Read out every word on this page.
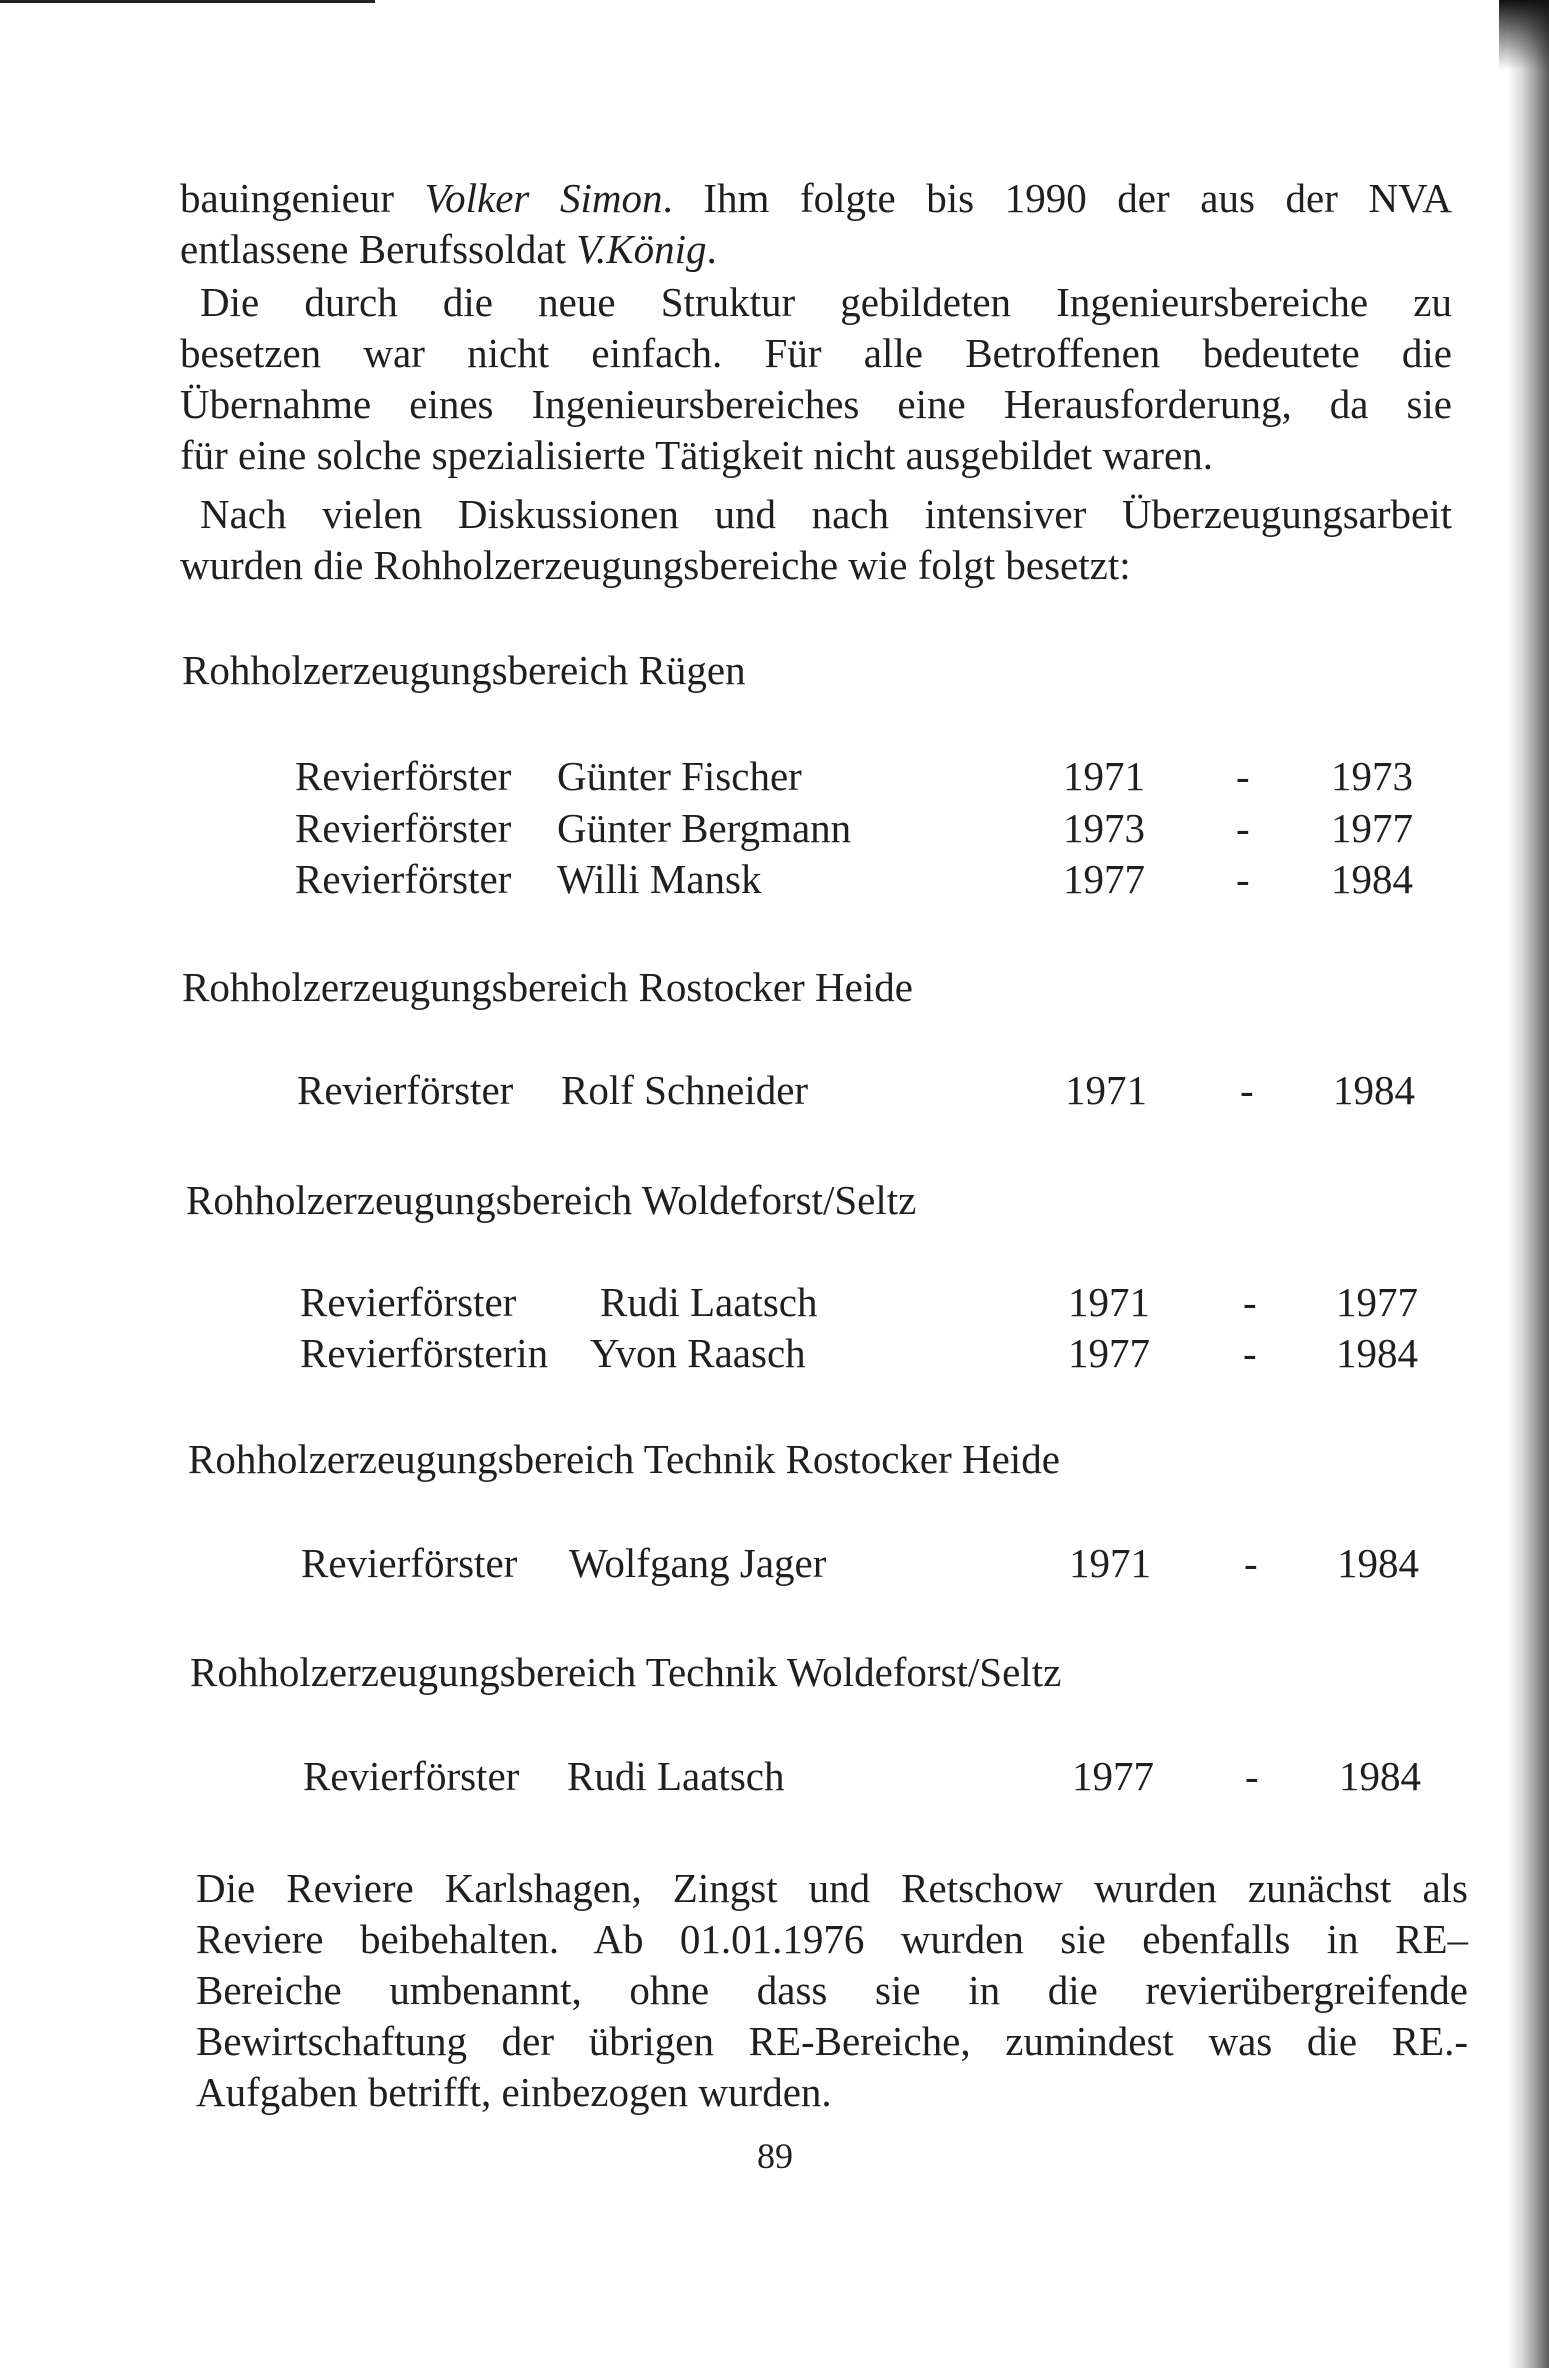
bauingenieur Volker Simon. Ihm folgte bis 1990 der aus der NVA
entlassene Berufssoldat V.König.
Die durch die neue Struktur gebildeten Ingenieursbereiche zu
besetzen war nicht einfach. Für alle Betroffenen bedeutete die
Übernahme eines Ingenieursbereiches eine Herausforderung, da sie
für eine solche spezialisierte Tätigkeit nicht ausgebildet waren.
Nach vielen Diskussionen und nach intensiver Überzeugungsarbeit
wurden die Rohholzerzeugungsbereiche wie folgt besetzt:
Rohholzerzeugungsbereich Rügen
Revierförster Günter Fischer	1971 - 1973
Revierförster Günter Bergmann	1973 - 1977
Revierförster Willi Mansk	1977 - 1984
Rohholzerzeugungsbereich Rostocker Heide
Revierförster Rolf Schneider	1971 - 1984
Rohholzerzeugungsbereich Woldeforst/Seltz
Revierförster Rudi Laatsch	1971 - 1977
Revierförsterin Yvon Raasch	1977 - 1984
Rohholzerzeugungsbereich Technik Rostocker Heide
Revierförster Wolfgang Jager	1971 - 1984
Rohholzerzeugungsbereich Technik Woldeforst/Seltz
Revierförster Rudi Laatsch	1977 - 1984
Die Reviere Karlshagen, Zingst und Retschow wurden zunächst als
Reviere beibehalten. Ab 01.01.1976 wurden sie ebenfalls in RE–
Bereiche umbenannt, ohne dass sie in die revierübergreifende
Bewirtschaftung der übrigen RE-Bereiche, zumindest was die RE.-
Aufgaben betrifft, einbezogen wurden.
89
